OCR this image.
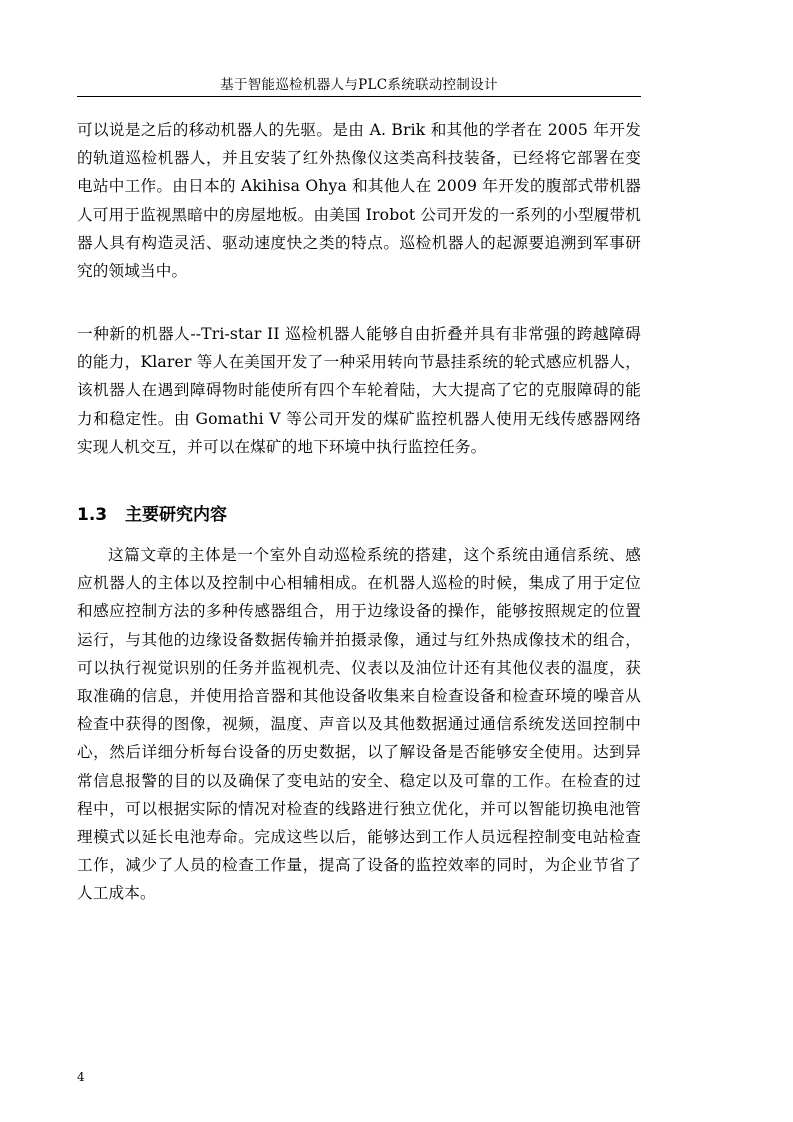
基于智能巡检机器人与PLC系统联动控制设计

可以说是之后的移动机器人的先驱。是由 A. Brik 和其他的学者在 2005 年开发的轨道巡检机器人，并且安装了红外热像仪这类高科技装备，已经将它部署在变电站中工作。由日本的 Akihisa Ohya 和其他人在 2009 年开发的腹部式带机器人可用于监视黑暗中的房屋地板。由美国 Irobot 公司开发的一系列的小型履带机器人具有构造灵活、驱动速度快之类的特点。巡检机器人的起源要追溯到军事研究的领域当中。

一种新的机器人--Tri-star II 巡检机器人能够自由折叠并具有非常强的跨越障碍的能力，Klarer 等人在美国开发了一种采用转向节悬挂系统的轮式感应机器人，该机器人在遇到障碍物时能使所有四个车轮着陆，大大提高了它的克服障碍的能力和稳定性。由 Gomathi V 等公司开发的煤矿监控机器人使用无线传感器网络实现人机交互，并可以在煤矿的地下环境中执行监控任务。

1.3 主要研究内容

这篇文章的主体是一个室外自动巡检系统的搭建，这个系统由通信系统、感应机器人的主体以及控制中心相辅相成。在机器人巡检的时候，集成了用于定位和感应控制方法的多种传感器组合，用于边缘设备的操作，能够按照规定的位置运行，与其他的边缘设备数据传输并拍摄录像，通过与红外热成像技术的组合，可以执行视觉识别的任务并监视机壳、仪表以及油位计还有其他仪表的温度，获取准确的信息，并使用拾音器和其他设备收集来自检查设备和检查环境的噪音从检查中获得的图像，视频，温度、声音以及其他数据通过通信系统发送回控制中心，然后详细分析每台设备的历史数据，以了解设备是否能够安全使用。达到异常信息报警的目的以及确保了变电站的安全、稳定以及可靠的工作。在检查的过程中，可以根据实际的情况对检查的线路进行独立优化，并可以智能切换电池管理模式以延长电池寿命。完成这些以后，能够达到工作人员远程控制变电站检查工作，减少了人员的检查工作量，提高了设备的监控效率的同时，为企业节省了人工成本。

4
